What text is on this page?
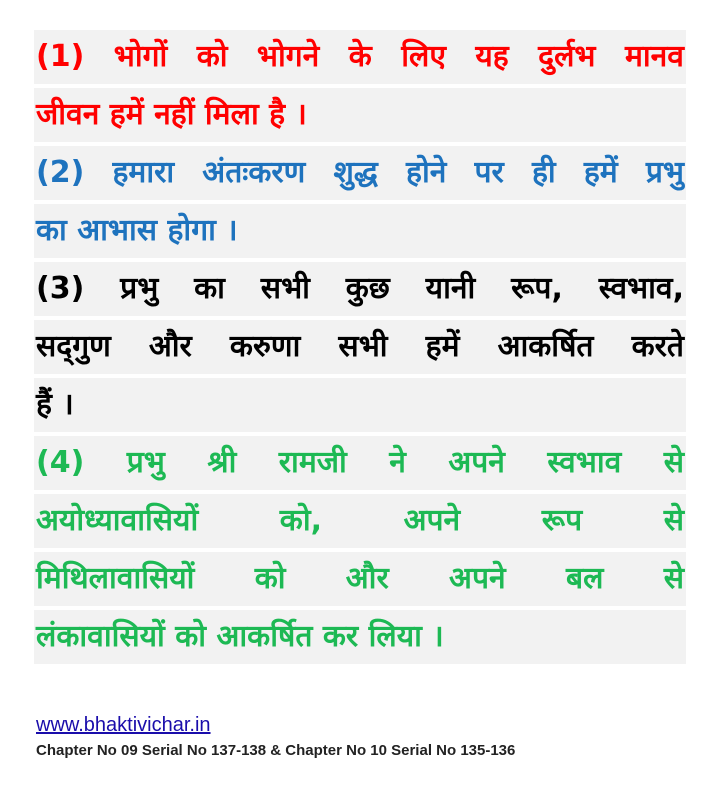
(1) भोगों को भोगने के लिए यह दुर्लभ मानव
जीवन हमें नहीं मिला है ।
(2) हमारा अंतःकरण शुद्ध होने पर ही हमें प्रभु
का आभास होगा ।
(3) प्रभु का सभी कुछ यानी रूप, स्वभाव,
सद्‌गुण और करुणा सभी हमें आकर्षित करते
हैं ।
(4) प्रभु श्री रामजी ने अपने स्वभाव से
अयोध्यावासियों को, अपने रूप से
मिथिलावासियों को और अपने बल से
लंकावासियों को आकर्षित कर लिया ।
www.bhaktivichar.in
Chapter No 09 Serial No 137-138 & Chapter No 10 Serial No 135-136
